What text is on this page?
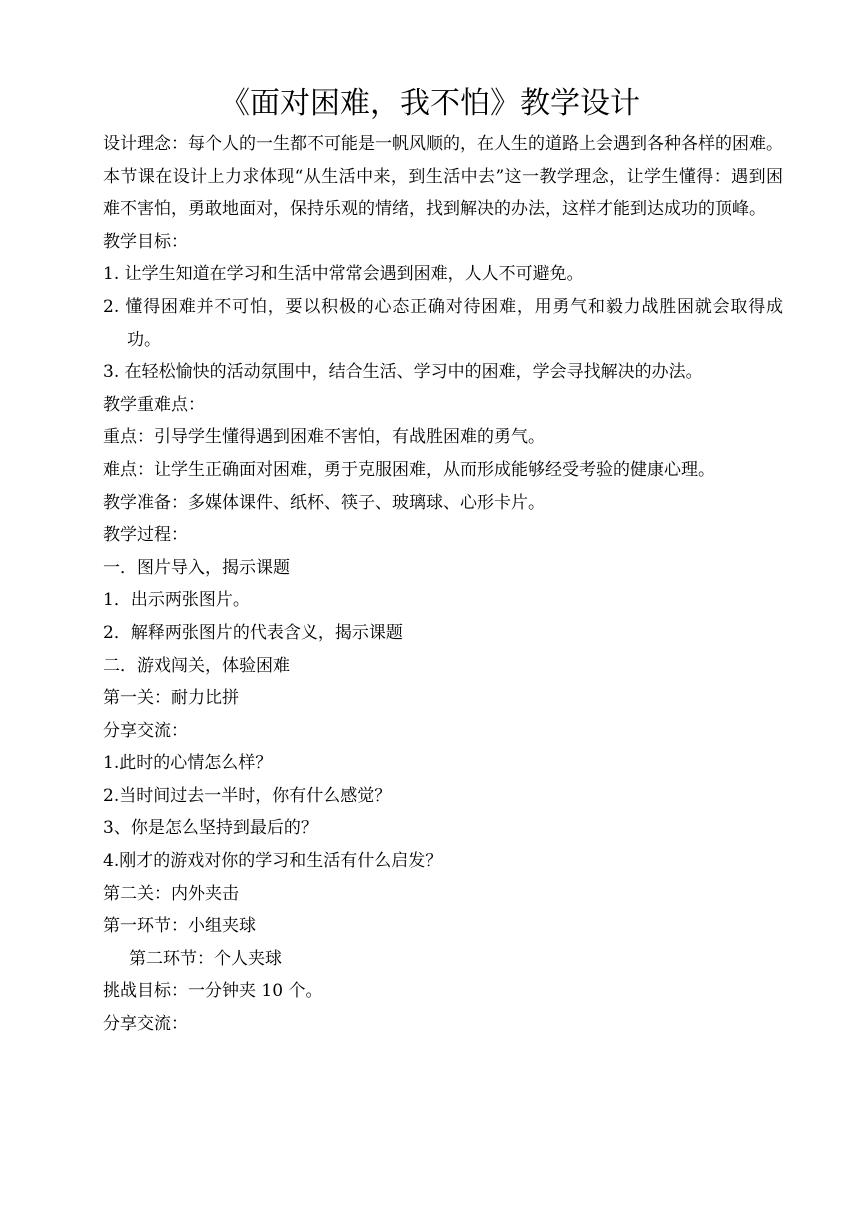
《面对困难，我不怕》教学设计

设计理念：每个人的一生都不可能是一帆风顺的，在人生的道路上会遇到各种各样的困难。本节课在设计上力求体现“从生活中来，到生活中去”这一教学理念，让学生懂得：遇到困难不害怕，勇敢地面对，保持乐观的情绪，找到解决的办法，这样才能到达成功的顶峰。

教学目标：

1. 让学生知道在学习和生活中常常会遇到困难，人人不可避免。

2. 懂得困难并不可怕，要以积极的心态正确对待困难，用勇气和毅力战胜困就会取得成功。

3. 在轻松愉快的活动氛围中，结合生活、学习中的困难，学会寻找解决的办法。

教学重难点：

重点：引导学生懂得遇到困难不害怕，有战胜困难的勇气。

难点：让学生正确面对困难，勇于克服困难，从而形成能够经受考验的健康心理。

教学准备：多媒体课件、纸杯、筷子、玻璃球、心形卡片。

教学过程：

一．图片导入，揭示课题

1．出示两张图片。

2．解释两张图片的代表含义，揭示课题

二．游戏闯关，体验困难

第一关：耐力比拼

分享交流：

1.此时的心情怎么样？

2.当时间过去一半时，你有什么感觉？

3、你是怎么坚持到最后的？

4.刚才的游戏对你的学习和生活有什么启发？

第二关：内外夹击

第一环节：小组夹球

第二环节：个人夹球

挑战目标：一分钟夹 10 个。

分享交流：
